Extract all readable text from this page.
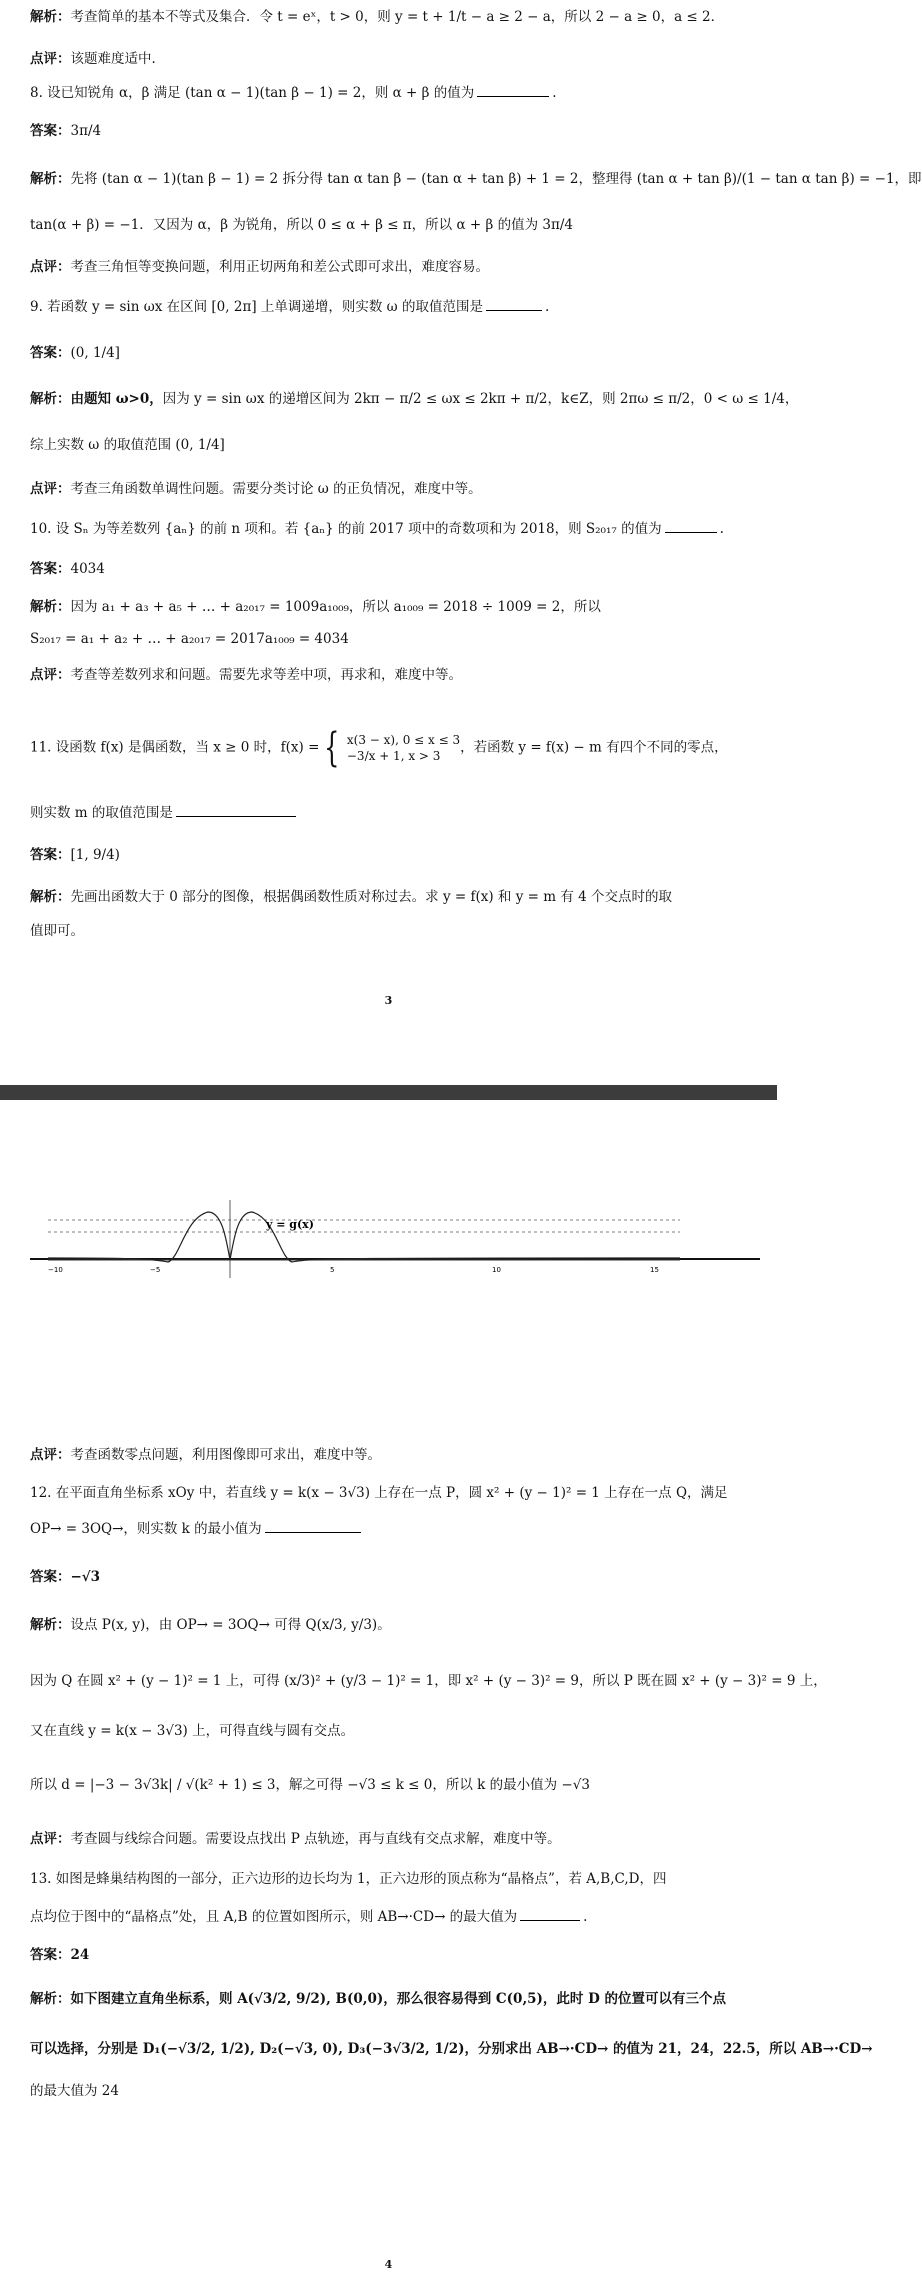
解析：考查简单的基本不等式及集合．令 t = eˣ，t > 0，则 y = t + 1/t − a ≥ 2 − a，所以 2 − a ≥ 0，a ≤ 2．
点评：该题难度适中.
8. 设已知锐角 α，β 满足 (tan α − 1)(tan β − 1) = 2，则 α + β 的值为	.
答案：3π/4
解析：先将 (tan α − 1)(tan β − 1) = 2 拆分得 tan α tan β − (tan α + tan β) + 1 = 2，整理得 (tan α + tan β)/(1 − tan α tan β) = −1，即
tan(α + β) = −1．又因为 α，β 为锐角，所以 0 ≤ α + β ≤ π，所以 α + β 的值为 3π/4
点评：考查三角恒等变换问题，利用正切两角和差公式即可求出，难度容易。
9. 若函数 y = sin ωx 在区间 [0, 2π] 上单调递增，则实数 ω 的取值范围是	.
答案：(0, 1/4]
解析：由题知 ω>0，因为 y = sin ωx 的递增区间为 2kπ − π/2 ≤ ωx ≤ 2kπ + π/2，k∈Z，则 2πω ≤ π/2，0 < ω ≤ 1/4，
综上实数 ω 的取值范围 (0, 1/4]
点评：考查三角函数单调性问题。需要分类讨论 ω 的正负情况，难度中等。
10. 设 Sₙ 为等差数列 {aₙ} 的前 n 项和。若 {aₙ} 的前 2017 项中的奇数项和为 2018，则 S₂₀₁₇ 的值为	.
答案：4034
解析：因为 a₁ + a₃ + a₅ + … + a₂₀₁₇ = 1009a₁₀₀₉，所以 a₁₀₀₉ = 2018 ÷ 1009 = 2，所以
S₂₀₁₇ = a₁ + a₂ + … + a₂₀₁₇ = 2017a₁₀₀₉ = 4034
点评：考查等差数列求和问题。需要先求等差中项，再求和，难度中等。
11. 设函数 f(x) 是偶函数，当 x ≥ 0 时，f(x) = { x(3 − x), 0 ≤ x ≤ 3
−3/x + 1, x > 3
，若函数 y = f(x) − m 有四个不同的零点，
则实数 m 的取值范围是
答案：[1, 9/4)
解析：先画出函数大于 0 部分的图像，根据偶函数性质对称过去。求 y = f(x) 和 y = m 有 4 个交点时的取
值即可。
3
4
y = g(x)
−10	−5	5	10	15
点评：考查函数零点问题，利用图像即可求出，难度中等。
12. 在平面直角坐标系 xOy 中，若直线 y = k(x − 3√3) 上存在一点 P，圆 x² + (y − 1)² = 1 上存在一点 Q，满足
OP→ = 3OQ→，则实数 k 的最小值为
答案：−√3
解析：设点 P(x, y)，由 OP→ = 3OQ→ 可得 Q(x/3, y/3)。
因为 Q 在圆 x² + (y − 1)² = 1 上，可得 (x/3)² + (y/3 − 1)² = 1，即 x² + (y − 3)² = 9，所以 P 既在圆 x² + (y − 3)² = 9 上，
又在直线 y = k(x − 3√3) 上，可得直线与圆有交点。
所以 d = |−3 − 3√3k| / √(k² + 1) ≤ 3，解之可得 −√3 ≤ k ≤ 0，所以 k 的最小值为 −√3
点评：考查圆与线综合问题。需要设点找出 P 点轨迹，再与直线有交点求解，难度中等。
13. 如图是蜂巢结构图的一部分，正六边形的边长均为 1，正六边形的顶点称为“晶格点”，若 A,B,C,D，四
点均位于图中的“晶格点”处，且 A,B 的位置如图所示，则 AB→·CD→ 的最大值为	.
答案：24
解析：如下图建立直角坐标系，则 A(√3/2, 9/2), B(0,0)，那么很容易得到 C(0,5)，此时 D 的位置可以有三个点
可以选择，分别是 D₁(−√3/2, 1/2), D₂(−√3, 0), D₃(−3√3/2, 1/2)，分别求出 AB→·CD→ 的值为 21，24，22.5，所以 AB→·CD→
的最大值为 24
